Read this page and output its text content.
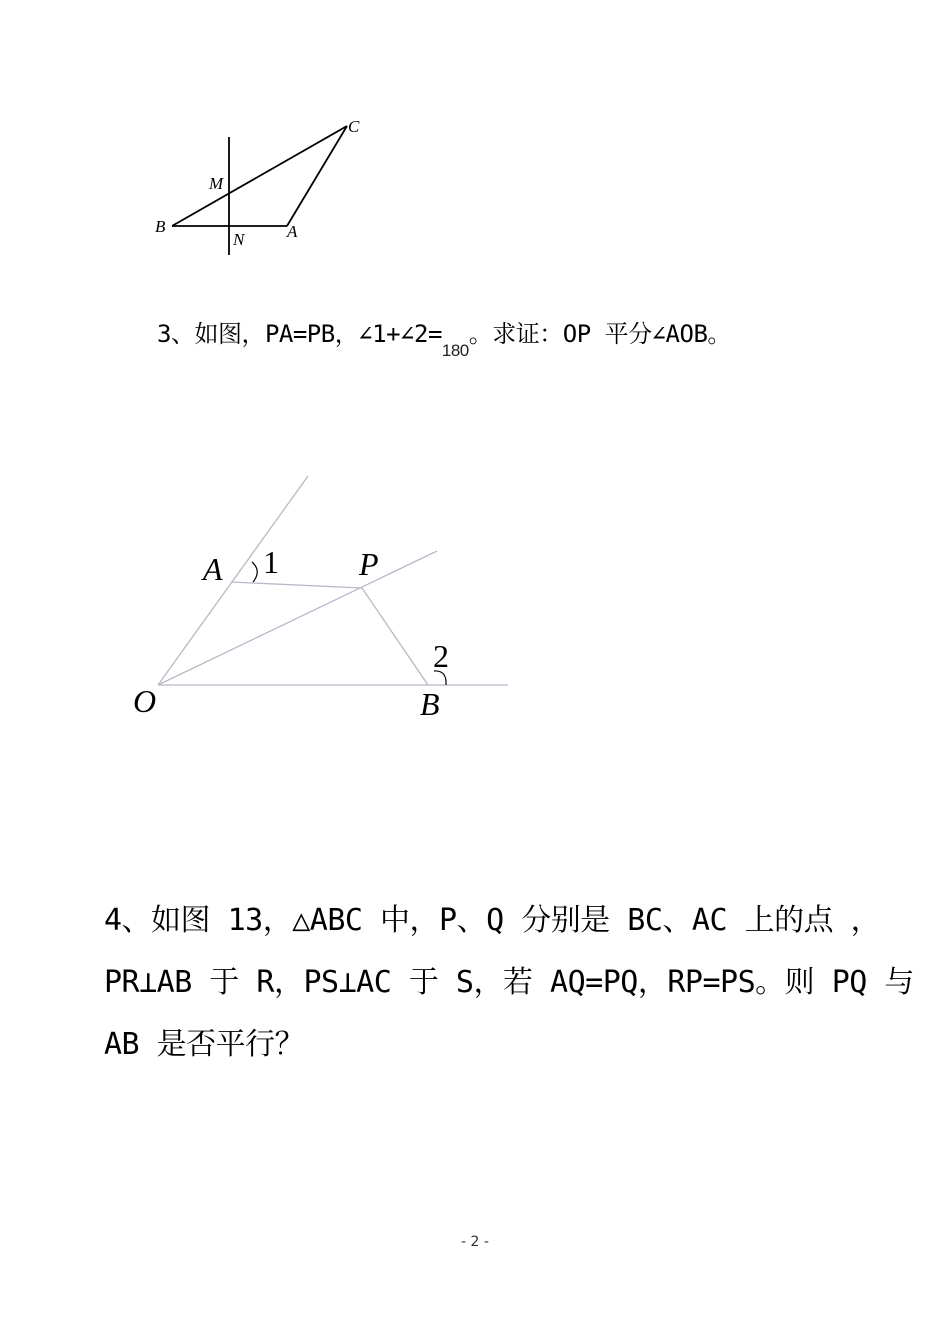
C
M
B
N	A
3、如图，PA=PB，$\angle 1+\angle 2=_{180}$。求证：OP 平分∠AOB。
A 1	P
2
O	B

4、如图 13，△ABC 中，P、Q 分别是 BC、AC 上的点 ，

PR⊥AB 于 R，PS⊥AC 于 S，若 AQ=PQ，RP=PS。则 PQ 与

AB 是否平行？

- 2 -
